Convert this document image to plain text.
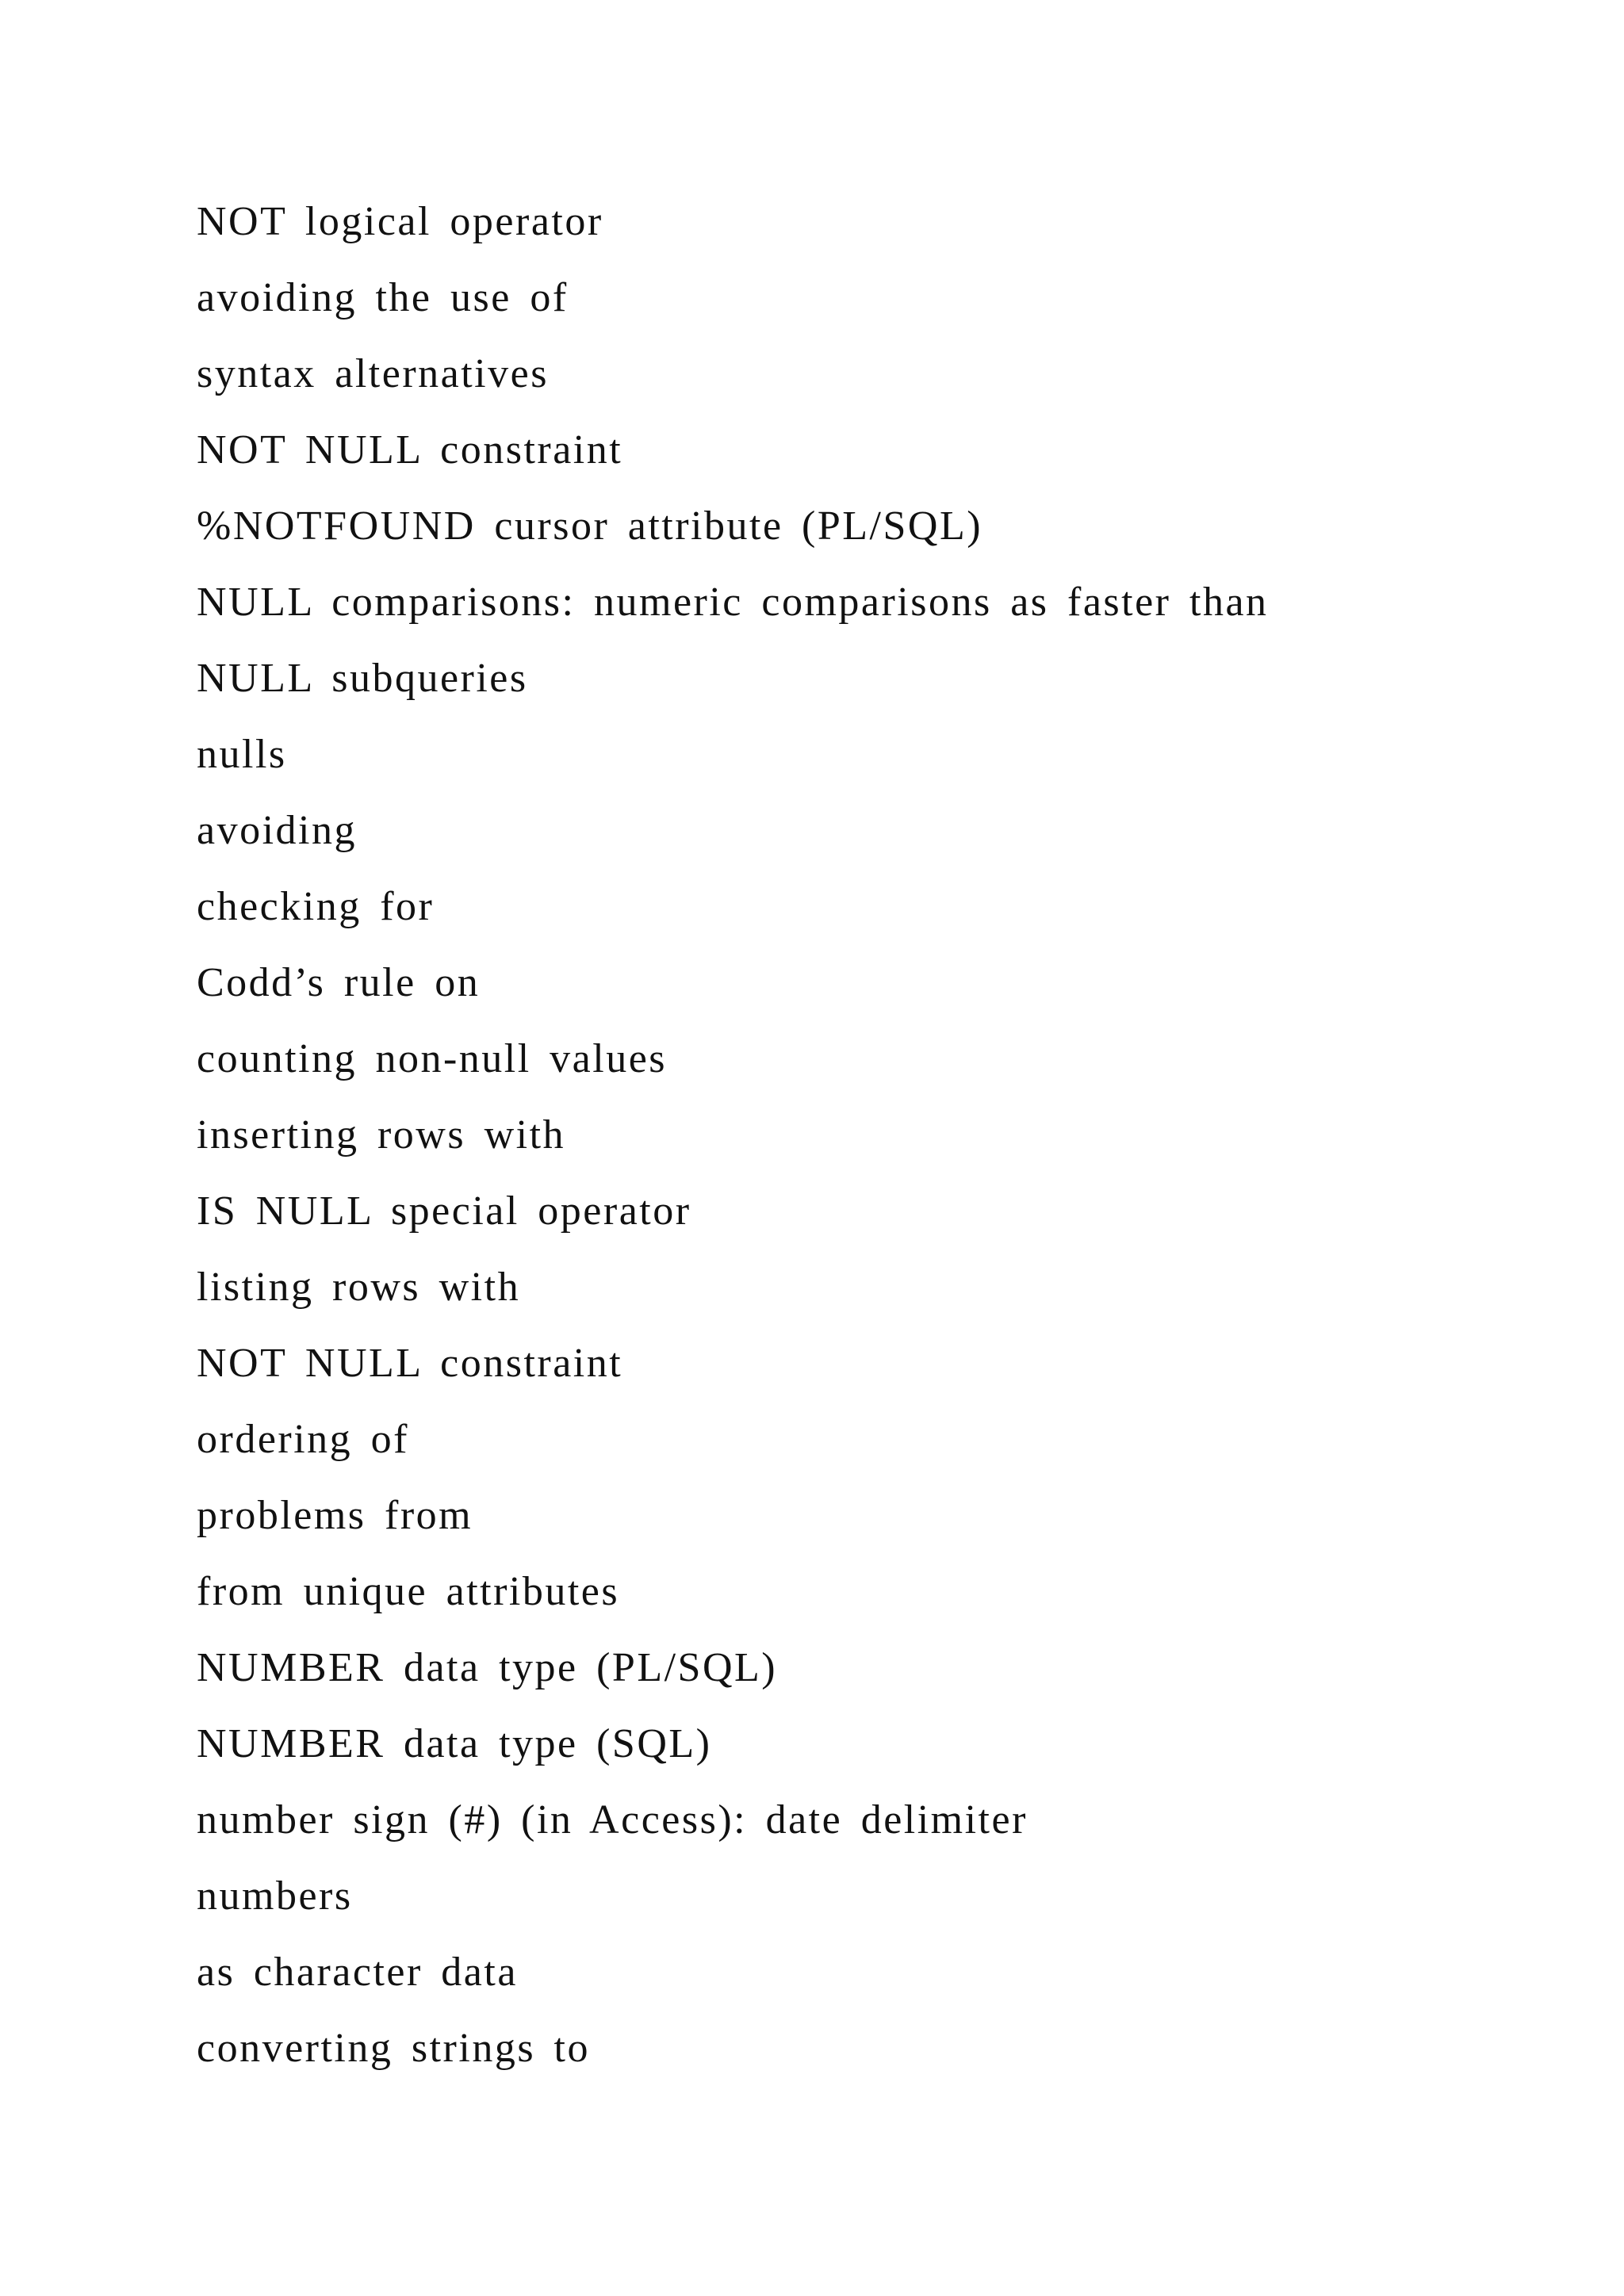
NOT logical operator
avoiding the use of
syntax alternatives
NOT NULL constraint
%NOTFOUND cursor attribute (PL/SQL)
NULL comparisons: numeric comparisons as faster than
NULL subqueries
nulls
avoiding
checking for
Codd’s rule on
counting non-null values
inserting rows with
IS NULL special operator
listing rows with
NOT NULL constraint
ordering of
problems from
from unique attributes
NUMBER data type (PL/SQL)
NUMBER data type (SQL)
number sign (#) (in Access): date delimiter
numbers
as character data
converting strings to
